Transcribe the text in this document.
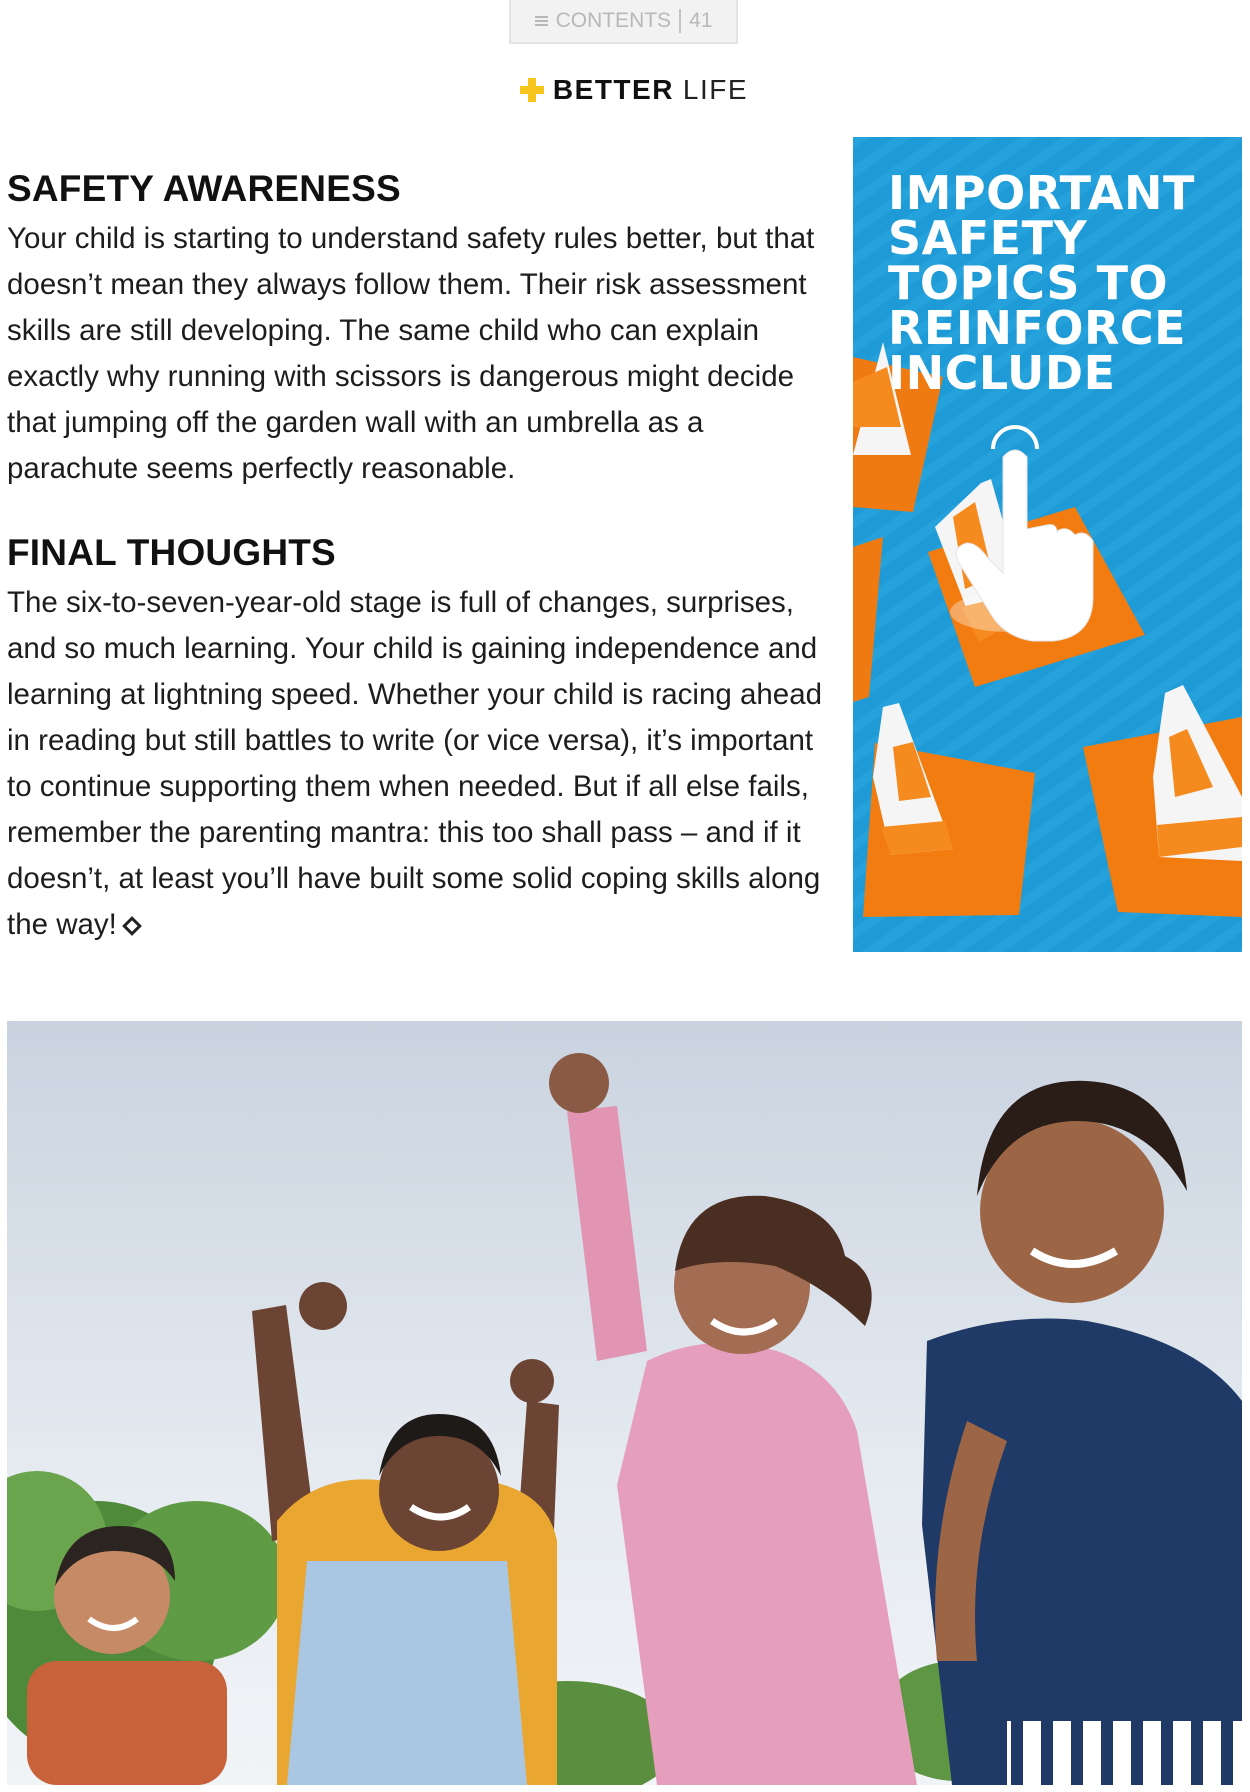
CONTENTS 41
BETTER LIFE
SAFETY AWARENESS

Your child is starting to understand safety rules better, but that doesn’t mean they always follow them. Their risk assessment skills are still developing. The same child who can explain exactly why running with scissors is dangerous might decide that jumping off the garden wall with an umbrella as a parachute seems perfectly reasonable.

FINAL THOUGHTS

The six-to-seven-year-old stage is full of changes, surprises, and so much learning. Your child is gaining independence and learning at lightning speed. Whether your child is racing ahead in reading but still battles to write (or vice versa), it’s important to continue supporting them when needed. But if all else fails, remember the parenting mantra: this too shall pass – and if it doesn’t, at least you’ll have built some solid coping skills along the way!

IMPORTANT SAFETY TOPICS TO REINFORCE INCLUDE
